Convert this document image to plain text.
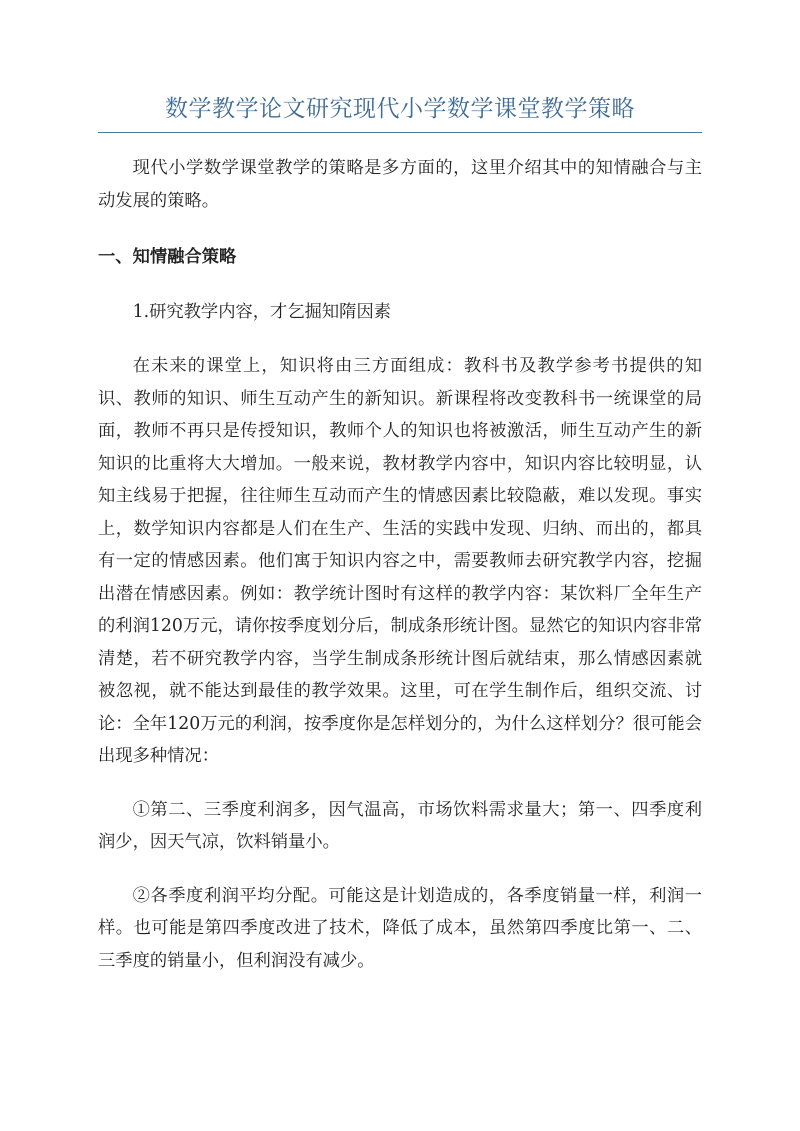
数学教学论文研究现代小学数学课堂教学策略

现代小学数学课堂教学的策略是多方面的，这里介绍其中的知情融合与主动发展的策略。

一、知情融合策略

1.研究教学内容，才乞掘知隋因素

在未来的课堂上，知识将由三方面组成：教科书及教学参考书提供的知识、教师的知识、师生互动产生的新知识。新课程将改变教科书一统课堂的局面，教师不再只是传授知识，教师个人的知识也将被激活，师生互动产生的新知识的比重将大大增加。一般来说，教材教学内容中，知识内容比较明显，认知主线易于把握，往往师生互动而产生的情感因素比较隐蔽，难以发现。事实上，数学知识内容都是人们在生产、生活的实践中发现、归纳、而出的，都具有一定的情感因素。他们寓于知识内容之中，需要教师去研究教学内容，挖掘出潜在情感因素。例如：教学统计图时有这样的教学内容：某饮料厂全年生产的利润120万元，请你按季度划分后，制成条形统计图。显然它的知识内容非常清楚，若不研究教学内容，当学生制成条形统计图后就结束，那么情感因素就被忽视，就不能达到最佳的教学效果。这里，可在学生制作后，组织交流、讨论：全年120万元的利润，按季度你是怎样划分的，为什么这样划分？很可能会出现多种情况：

①第二、三季度利润多，因气温高，市场饮料需求量大；第一、四季度利润少，因天气凉，饮料销量小。

②各季度利润平均分配。可能这是计划造成的，各季度销量一样，利润一样。也可能是第四季度改进了技术，降低了成本，虽然第四季度比第一、二、三季度的销量小，但利润没有减少。
